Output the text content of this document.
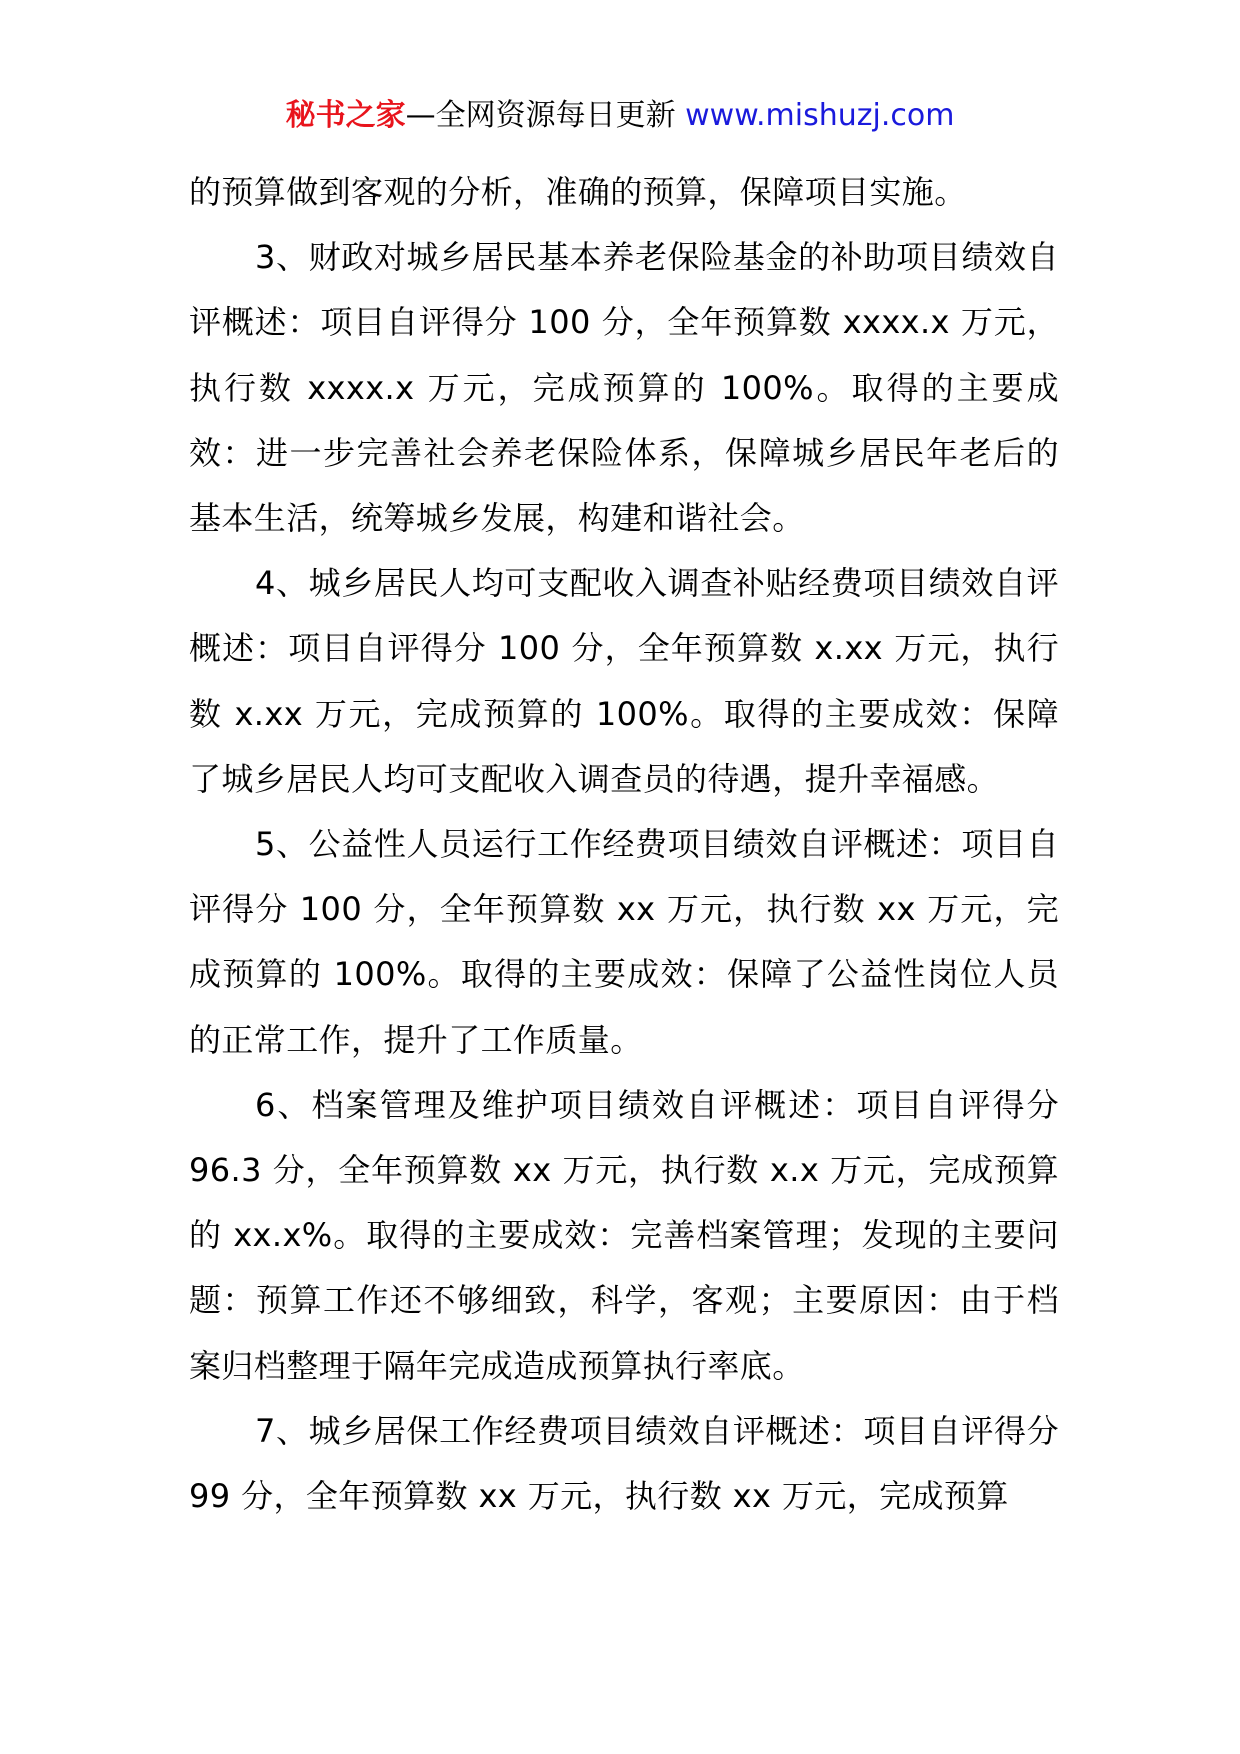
秘书之家—全网资源每日更新 www.mishuzj.com

的预算做到客观的分析，准确的预算，保障项目实施。

3、财政对城乡居民基本养老保险基金的补助项目绩效自评概述：项目自评得分 100 分，全年预算数 xxxx.x 万元，执行数 xxxx.x 万元，完成预算的 100%。取得的主要成效：进一步完善社会养老保险体系，保障城乡居民年老后的基本生活，统筹城乡发展，构建和谐社会。

4、城乡居民人均可支配收入调查补贴经费项目绩效自评概述：项目自评得分 100 分，全年预算数 x.xx 万元，执行数 x.xx 万元，完成预算的 100%。取得的主要成效：保障了城乡居民人均可支配收入调查员的待遇，提升幸福感。

5、公益性人员运行工作经费项目绩效自评概述：项目自评得分 100 分，全年预算数 xx 万元，执行数 xx 万元，完成预算的 100%。取得的主要成效：保障了公益性岗位人员的正常工作，提升了工作质量。

6、档案管理及维护项目绩效自评概述：项目自评得分 96.3 分，全年预算数 xx 万元，执行数 x.x 万元，完成预算的 xx.x%。取得的主要成效：完善档案管理；发现的主要问题：预算工作还不够细致，科学，客观；主要原因：由于档案归档整理于隔年完成造成预算执行率底。

7、城乡居保工作经费项目绩效自评概述：项目自评得分 99 分，全年预算数 xx 万元，执行数 xx 万元，完成预算
